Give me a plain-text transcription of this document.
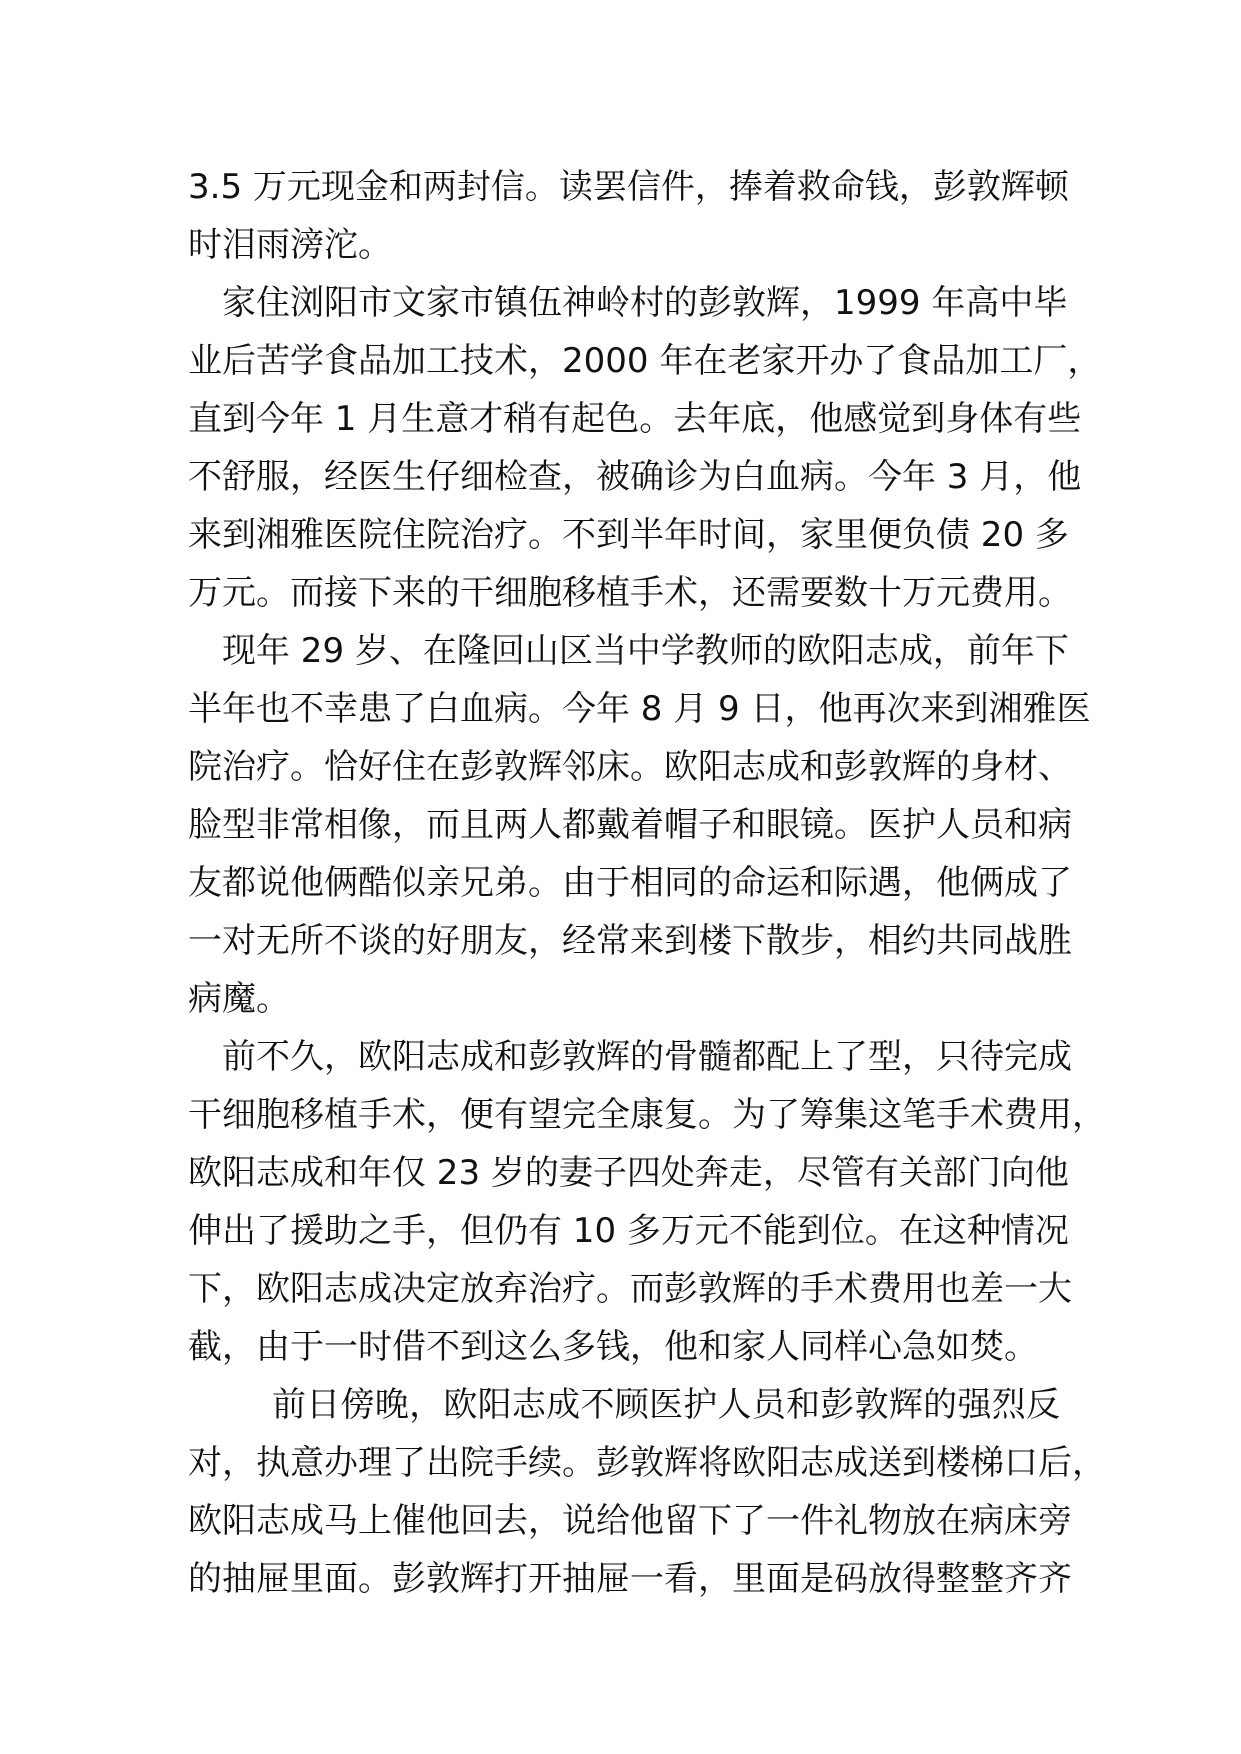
3.5 万元现金和两封信。读罢信件，捧着救命钱，彭敦辉顿
时泪雨滂沱。
家住浏阳市文家市镇伍神岭村的彭敦辉，1999 年高中毕
业后苦学食品加工技术，2000 年在老家开办了食品加工厂，
直到今年 1 月生意才稍有起色。去年底，他感觉到身体有些
不舒服，经医生仔细检查，被确诊为白血病。今年 3 月，他
来到湘雅医院住院治疗。不到半年时间，家里便负债 20 多
万元。而接下来的干细胞移植手术，还需要数十万元费用。
现年 29 岁、在隆回山区当中学教师的欧阳志成，前年下
半年也不幸患了白血病。今年 8 月 9 日，他再次来到湘雅医
院治疗。恰好住在彭敦辉邻床。欧阳志成和彭敦辉的身材、
脸型非常相像，而且两人都戴着帽子和眼镜。医护人员和病
友都说他俩酷似亲兄弟。由于相同的命运和际遇，他俩成了
一对无所不谈的好朋友，经常来到楼下散步，相约共同战胜
病魔。
前不久，欧阳志成和彭敦辉的骨髓都配上了型，只待完成
干细胞移植手术，便有望完全康复。为了筹集这笔手术费用，
欧阳志成和年仅 23 岁的妻子四处奔走，尽管有关部门向他
伸出了援助之手，但仍有 10 多万元不能到位。在这种情况
下，欧阳志成决定放弃治疗。而彭敦辉的手术费用也差一大
截，由于一时借不到这么多钱，他和家人同样心急如焚。
前日傍晚，欧阳志成不顾医护人员和彭敦辉的强烈反
对，执意办理了出院手续。彭敦辉将欧阳志成送到楼梯口后，
欧阳志成马上催他回去，说给他留下了一件礼物放在病床旁
的抽屉里面。彭敦辉打开抽屉一看，里面是码放得整整齐齐
